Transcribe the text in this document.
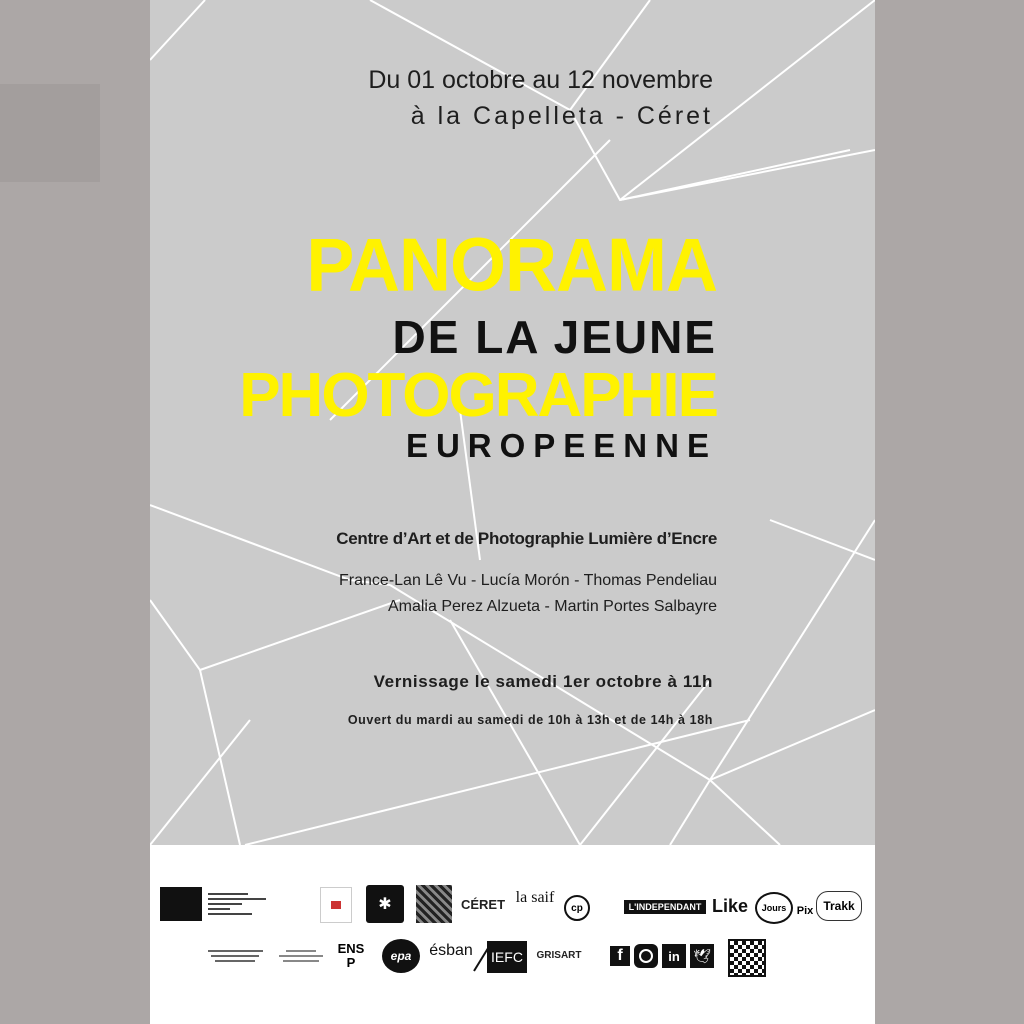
Du 01 octobre au 12 novembre
à la Capelleta - Céret
PANORAMA
DE LA JEUNE
PHOTOGRAPHIE
EUROPEENNE
Centre d’Art et de Photographie Lumière d’Encre
France-Lan Lê Vu - Lucía Morón - Thomas Pendeliau
Amalia Perez Alzueta - Martin Portes Salbayre
Vernissage le samedi 1er octobre à 11h
Ouvert du mardi au samedi de 10h à 13h et de 14h à 18h
✱	CÉRET la saif
cp	L'INDEPENDANT Like	Jours Pix Trakk
ENSP	epa	ésban IEFC	GRISART	f	in 🕊
